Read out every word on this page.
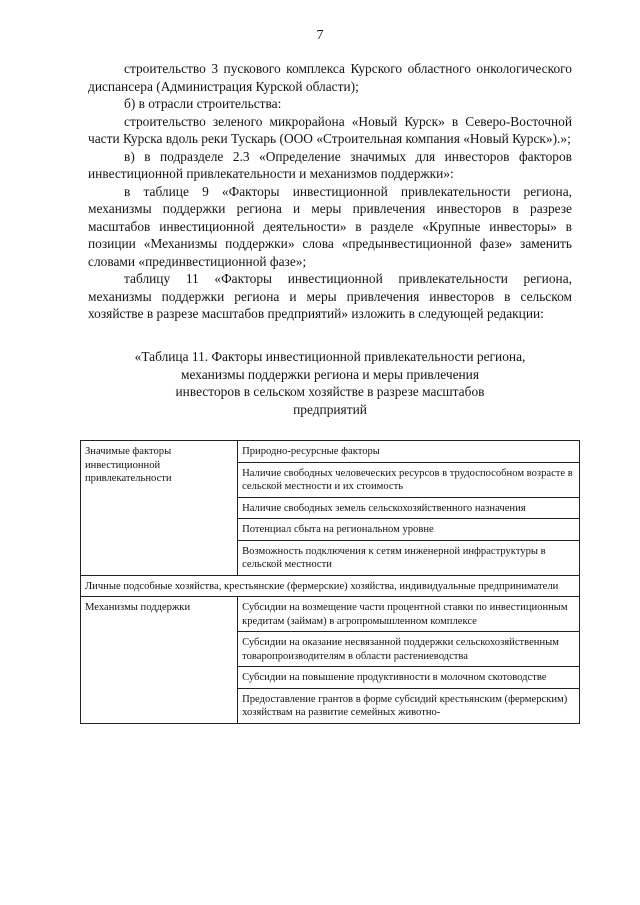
7

строительство 3 пускового комплекса Курского областного онкологического диспансера (Администрация Курской области);

б) в отрасли строительства:

строительство зеленого микрорайона «Новый Курск» в Северо-Восточной части Курска вдоль реки Тускарь (ООО «Строительная компания «Новый Курск»).»;

в) в подразделе 2.3 «Определение значимых для инвесторов факторов инвестиционной привлекательности и механизмов поддержки»:

в таблице 9 «Факторы инвестиционной привлекательности региона, механизмы поддержки региона и меры привлечения инвесторов в разрезе масштабов инвестиционной деятельности» в разделе «Крупные инвесторы» в позиции «Механизмы поддержки» слова «предынвестиционной фазе» заменить словами «прединвестиционной фазе»;

таблицу 11 «Факторы инвестиционной привлекательности региона, механизмы поддержки региона и меры привлечения инвесторов в сельском хозяйстве в разрезе масштабов предприятий» изложить в следующей редакции:

«Таблица 11. Факторы инвестиционной привлекательности региона,
механизмы поддержки региона и меры привлечения
инвесторов в сельском хозяйстве в разрезе масштабов
предприятий
Значимые факторы инвестиционной привлекательности	Природно-ресурсные факторы
	Наличие свободных человеческих ресурсов в трудоспособном возрасте в сельской местности и их стоимость
	Наличие свободных земель сельскохозяйственного назначения
	Потенциал сбыта на региональном уровне
	Возможность подключения к сетям инженерной инфраструктуры в сельской местности
Личные подсобные хозяйства, крестьянские (фермерские) хозяйства, индивидуальные предприниматели	
Механизмы поддержки	Субсидии на возмещение части процентной ставки по инвестиционным кредитам (займам) в агропромышленном комплексе
	Субсидии на оказание несвязанной поддержки сельскохозяйственным товаропроизводителям в области растениеводства
	Субсидии на повышение продуктивности в молочном скотоводстве
	Предоставление грантов в форме субсидий крестьянским (фермерским) хозяйствам на развитие семейных животно-
